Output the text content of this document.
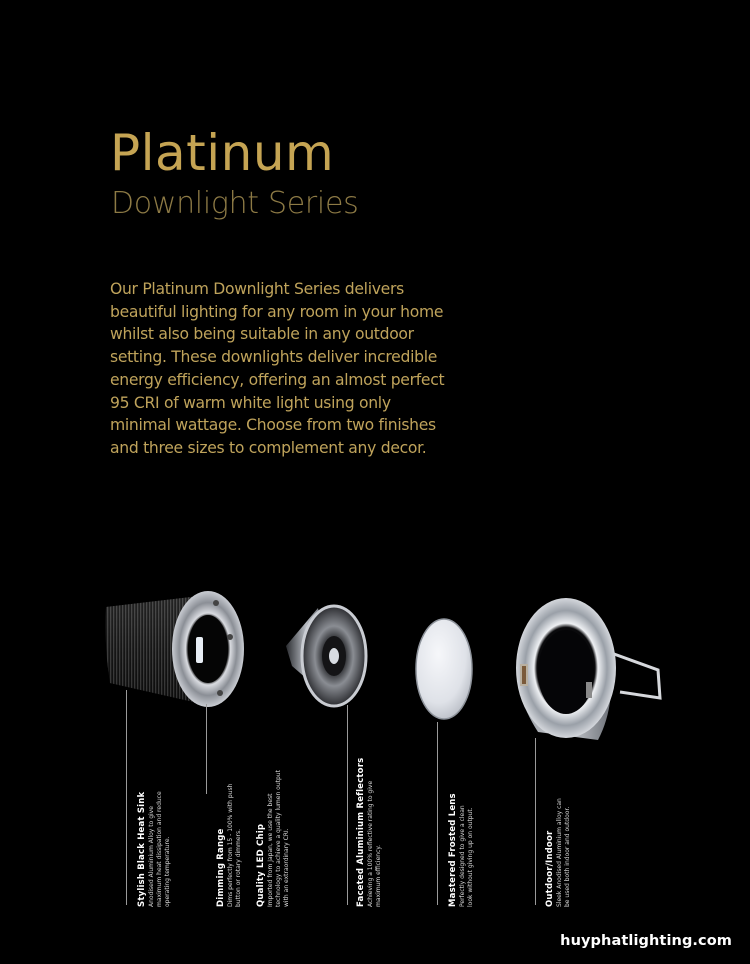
Platinum
Downlight Series
Our Platinum Downlight Series delivers beautiful lighting for any room in your home whilst also being suitable in any outdoor setting. These downlights deliver incredible energy efficiency, offering an almost perfect 95 CRI of warm white light using only minimal wattage. Choose from two finishes and three sizes to complement any decor.
Stylish Black Heat Sink Anodised Aluminium Alloy to give maximum heat dissipation and reduce operating temperature.	Dimming Range Dims perfectly from 15 - 100% with push button or rotary dimmers. Quality LED Chip Imported from Japan, we use the best technology to achieve a quality lumen output with an extraordinary CRI.	Faceted Aluminium Reflectors Achieving a 100% reflective rating to give maximum efficiency.	Mastered Frosted Lens Perfectly designed to give a clean look without giving up on output.	Outdoor/Indoor Sleek Anodised Aluminium alloy can be used both indoor and outdoor.
huyphatlighting.com
